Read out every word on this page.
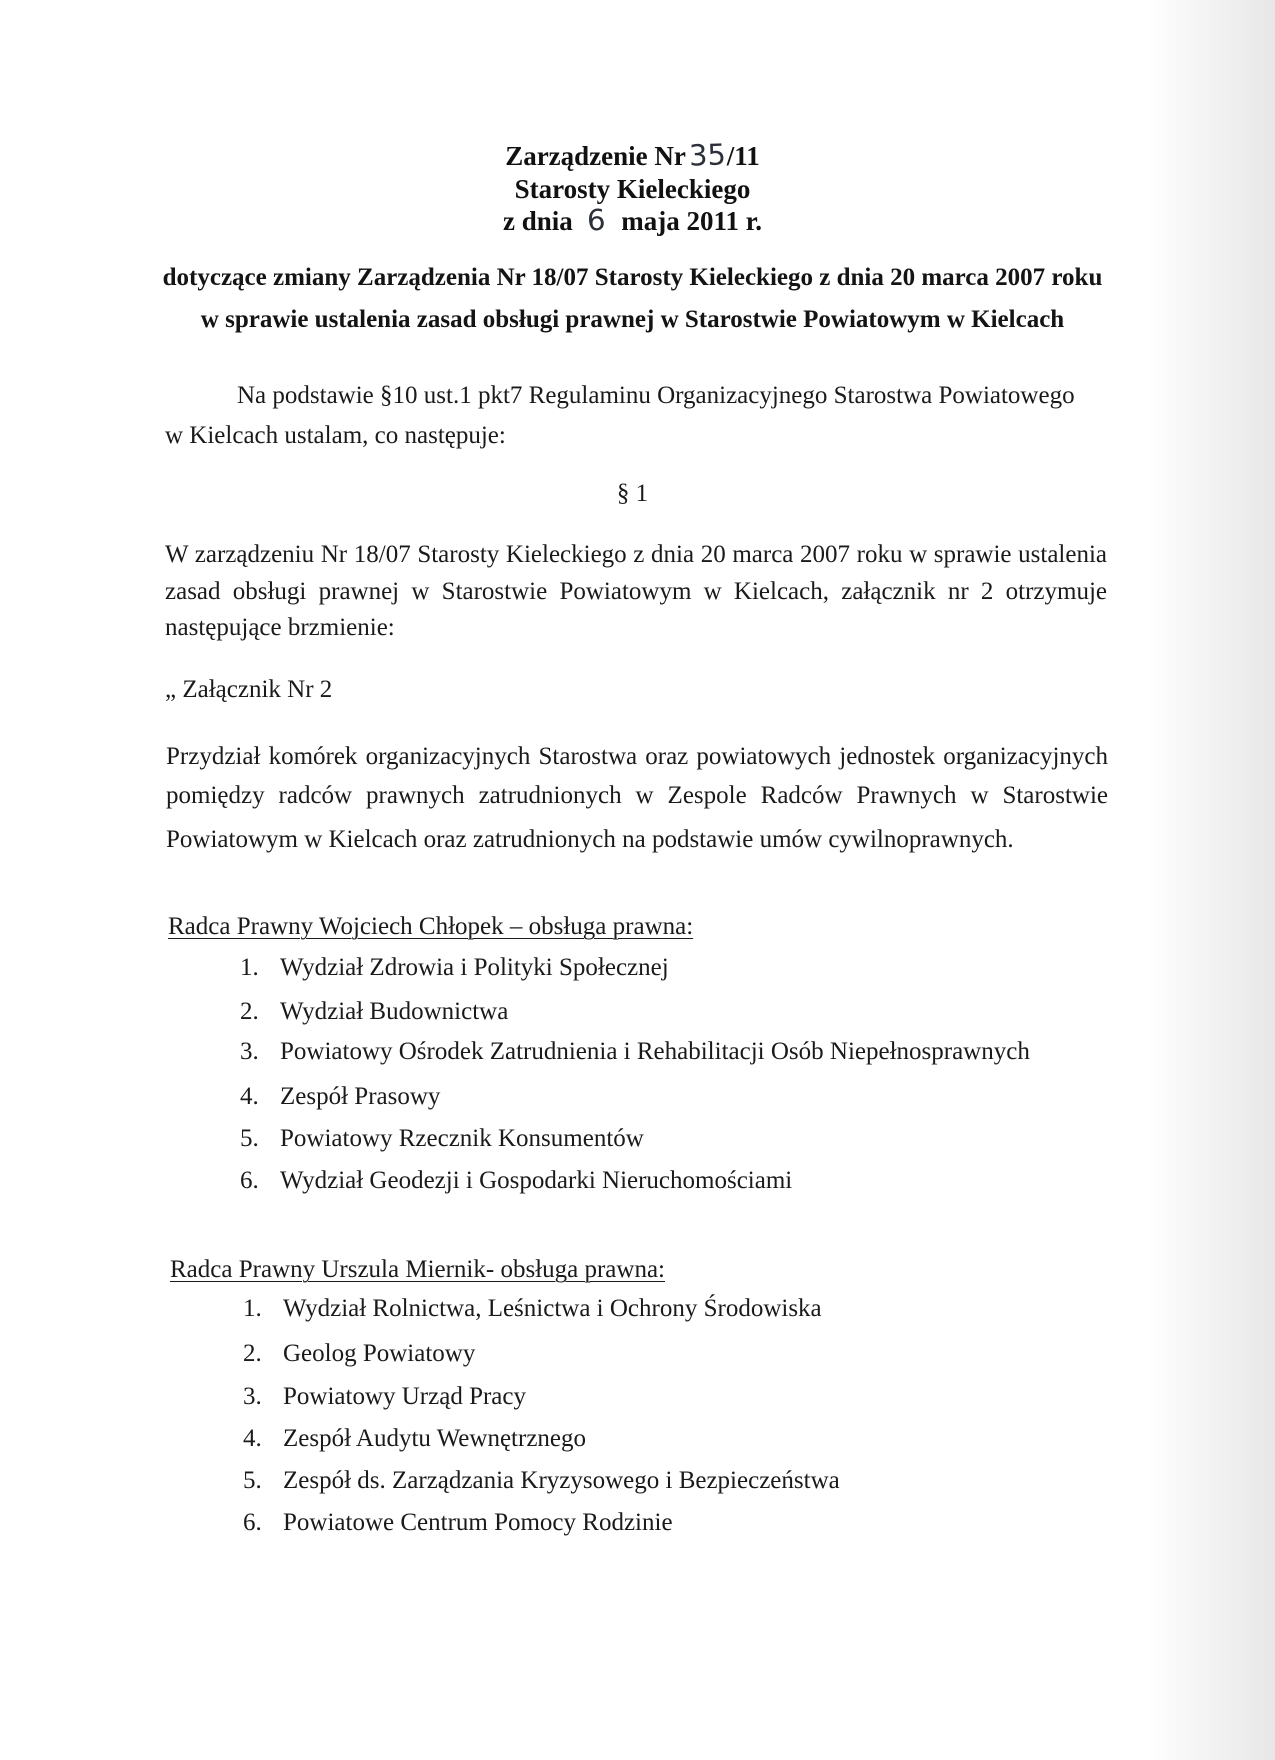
Zarządzenie Nr35/11
Starosty Kieleckiego
z dnia 6 maja 2011 r.
dotyczące zmiany Zarządzenia Nr 18/07 Starosty Kieleckiego z dnia 20 marca 2007 roku
w sprawie ustalenia zasad obsługi prawnej w Starostwie Powiatowym w Kielcach
Na podstawie §10 ust.1 pkt7 Regulaminu Organizacyjnego Starostwa Powiatowego
w Kielcach ustalam, co następuje:
§ 1
W zarządzeniu Nr 18/07 Starosty Kieleckiego z dnia 20 marca 2007 roku w sprawie ustalenia
zasad obsługi prawnej w Starostwie Powiatowym w Kielcach, załącznik nr 2 otrzymuje
następujące brzmienie:
„ Załącznik Nr 2
Przydział komórek organizacyjnych Starostwa oraz powiatowych jednostek organizacyjnych
pomiędzy radców prawnych zatrudnionych w Zespole Radców Prawnych w Starostwie
Powiatowym w Kielcach oraz zatrudnionych na podstawie umów cywilnoprawnych.
Radca Prawny Wojciech Chłopek – obsługa prawna:
1. Wydział Zdrowia i Polityki Społecznej
2. Wydział Budownictwa
3. Powiatowy Ośrodek Zatrudnienia i Rehabilitacji Osób Niepełnosprawnych
4. Zespół Prasowy
5. Powiatowy Rzecznik Konsumentów
6. Wydział Geodezji i Gospodarki Nieruchomościami
Radca Prawny Urszula Miernik- obsługa prawna:
1. Wydział Rolnictwa, Leśnictwa i Ochrony Środowiska
2. Geolog Powiatowy
3. Powiatowy Urząd Pracy
4. Zespół Audytu Wewnętrznego
5. Zespół ds. Zarządzania Kryzysowego i Bezpieczeństwa
6. Powiatowe Centrum Pomocy Rodzinie
